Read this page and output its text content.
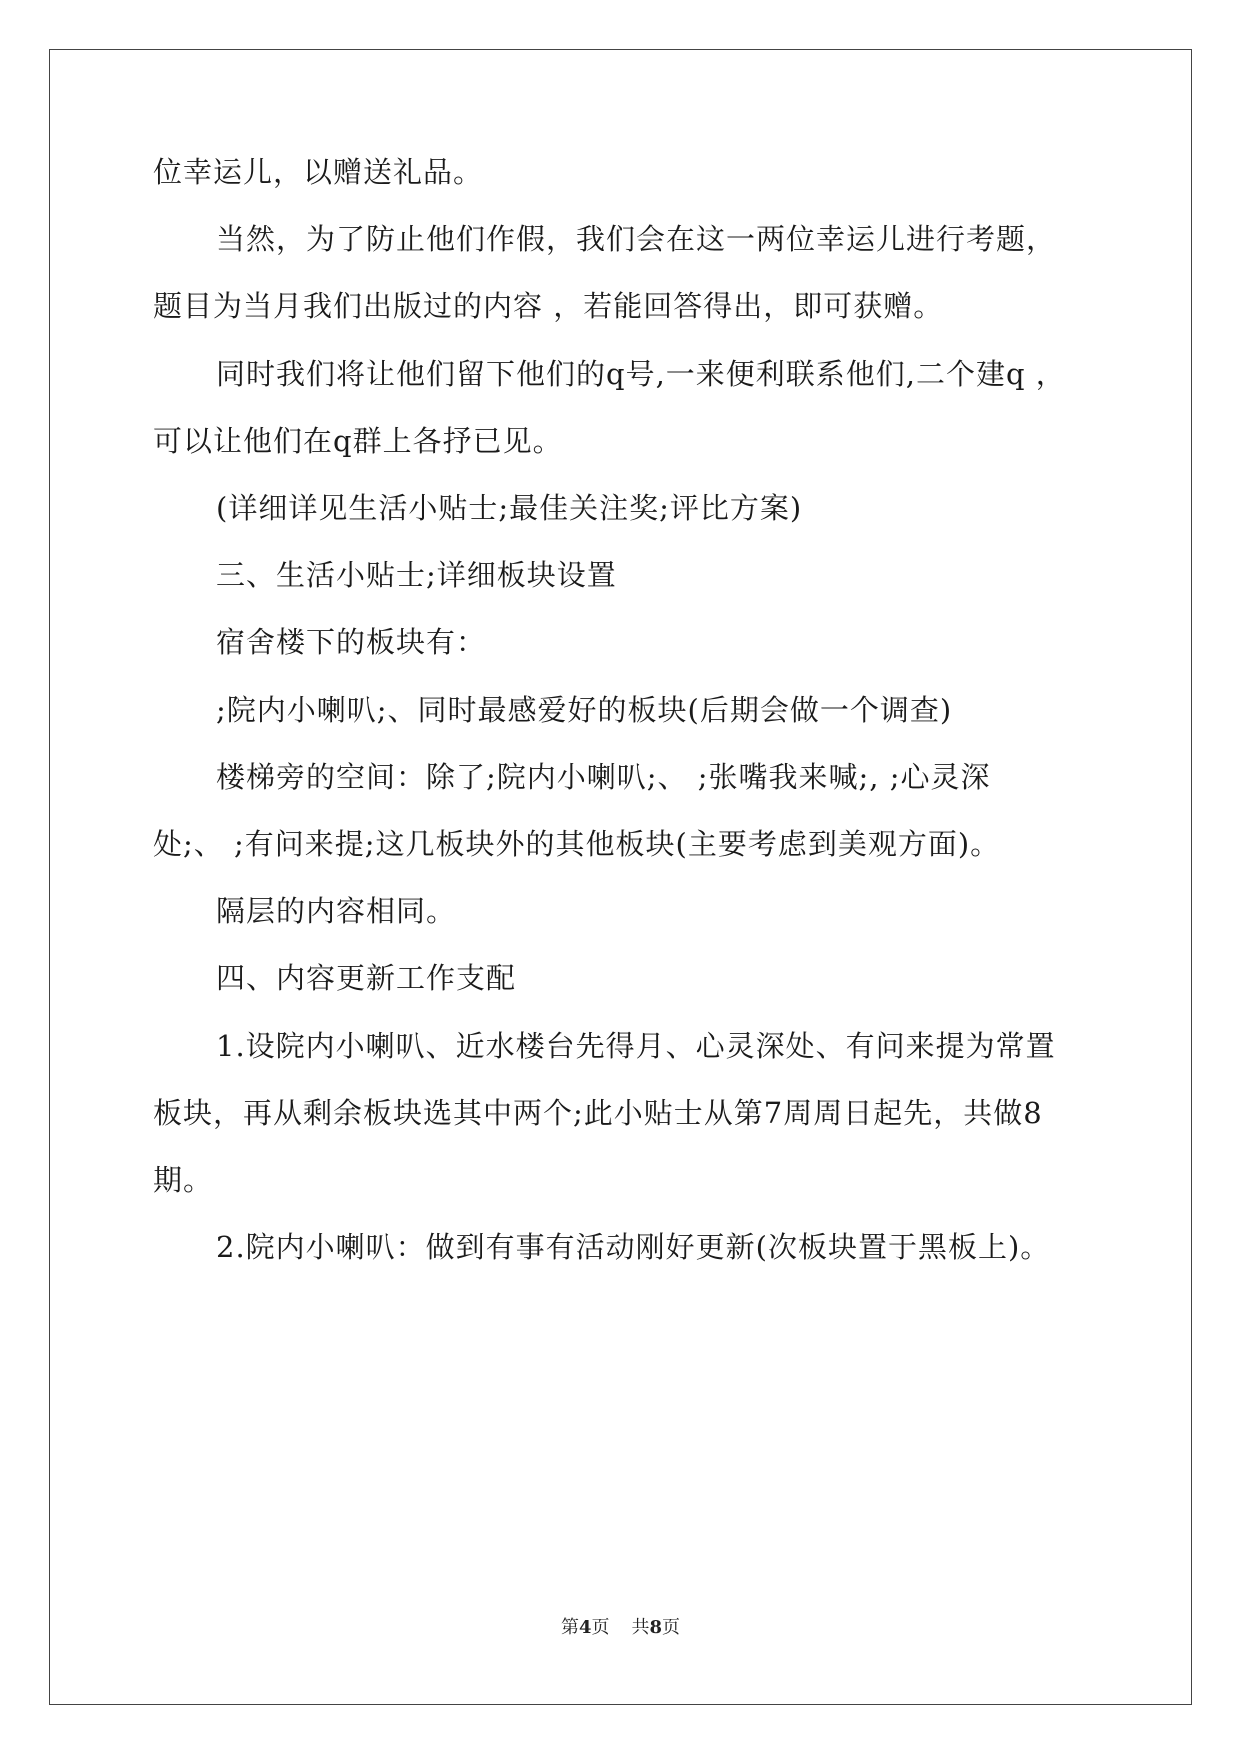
位幸运儿，以赠送礼品。
当然，为了防止他们作假，我们会在这一两位幸运儿进行考题，
题目为当月我们出版过的内容 ，若能回答得出，即可获赠。
同时我们将让他们留下他们的q号,一来便利联系他们,二个建q ，
可以让他们在q群上各抒已见。
(详细详见生活小贴士;最佳关注奖;评比方案)
三、生活小贴士;详细板块设置
宿舍楼下的板块有：
;院内小喇叭;、同时最感爱好的板块(后期会做一个调查)
楼梯旁的空间：除了;院内小喇叭;、 ;张嘴我来喊;, ;心灵深
处;、 ;有问来提;这几板块外的其他板块(主要考虑到美观方面)。
隔层的内容相同。
四、内容更新工作支配
1.设院内小喇叭、近水楼台先得月、心灵深处、有问来提为常置
板块，再从剩余板块选其中两个;此小贴士从第7周周日起先，共做8
期。
2.院内小喇叭：做到有事有活动刚好更新(次板块置于黑板上)。
第4页 共8页
